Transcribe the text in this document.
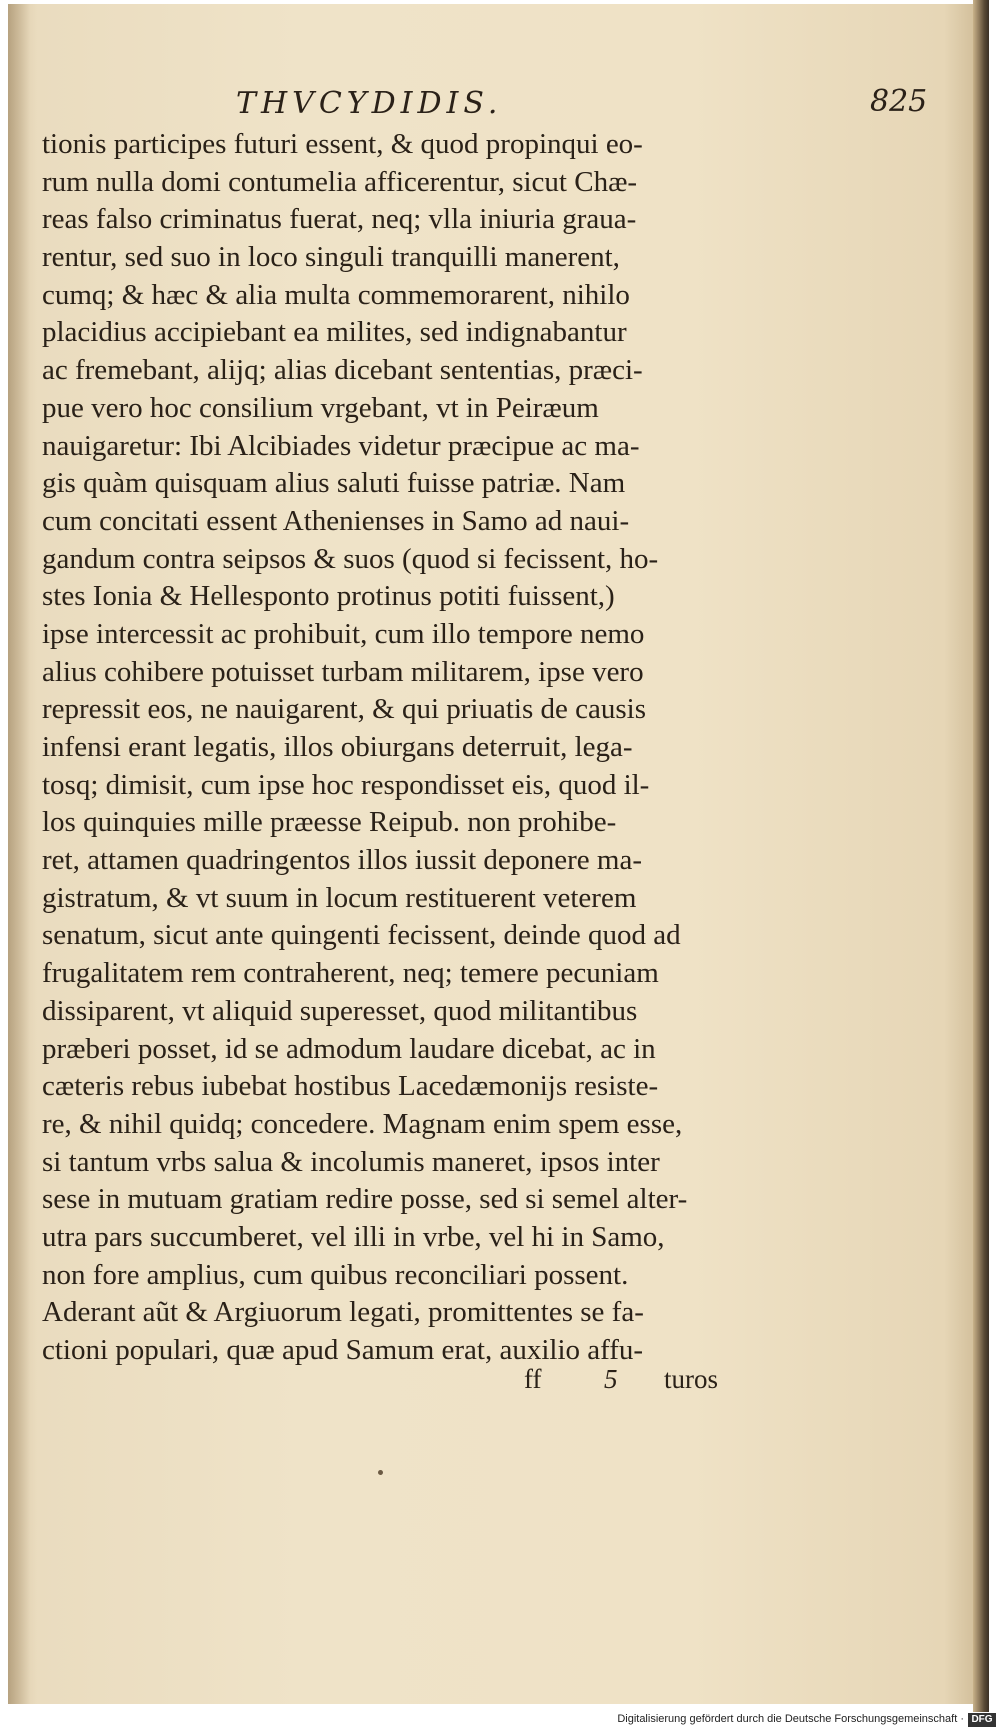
THVCYDIDIS.	825
tionis participes futuri essent, & quod propinqui eo-
rum nulla domi contumelia afficerentur, sicut Chæ-
reas falso criminatus fuerat, neq; vlla iniuria graua-
rentur, sed suo in loco singuli tranquilli manerent,
cumq; & hæc & alia multa commemorarent, nihilo
placidius accipiebant ea milites, sed indignabantur
ac fremebant, alijq; alias dicebant sententias, præci-
pue vero hoc consilium vrgebant, vt in Peiræum
nauigaretur: Ibi Alcibiades videtur præcipue ac ma-
gis quàm quisquam alius saluti fuisse patriæ. Nam
cum concitati essent Athenienses in Samo ad naui-
gandum contra seipsos & suos (quod si fecissent, ho-
stes Ionia & Hellesponto protinus potiti fuissent,)
ipse intercessit ac prohibuit, cum illo tempore nemo
alius cohibere potuisset turbam militarem, ipse vero
repressit eos, ne nauigarent, & qui priuatis de causis
infensi erant legatis, illos obiurgans deterruit, lega-
tosq; dimisit, cum ipse hoc respondisset eis, quod il-
los quinquies mille præesse Reipub. non prohibe-
ret, attamen quadringentos illos iussit deponere ma-
gistratum, & vt suum in locum restituerent veterem
senatum, sicut ante quingenti fecissent, deinde quod ad
frugalitatem rem contraherent, neq; temere pecuniam
dissiparent, vt aliquid superesset, quod militantibus
præberi posset, id se admodum laudare dicebat, ac in
cæteris rebus iubebat hostibus Lacedæmonijs resiste-
re, & nihil quidq; concedere. Magnam enim spem esse,
si tantum vrbs salua & incolumis maneret, ipsos inter
sese in mutuam gratiam redire posse, sed si semel alter-
utra pars succumberet, vel illi in vrbe, vel hi in Samo,
non fore amplius, cum quibus reconciliari possent.
Aderant aũt & Argiuorum legati, promittentes se fa-
ctioni populari, quæ apud Samum erat, auxilio affu-
ff 5 turos
Digitalisierung gefördert durch die Deutsche Forschungsgemeinschaft · DFG
